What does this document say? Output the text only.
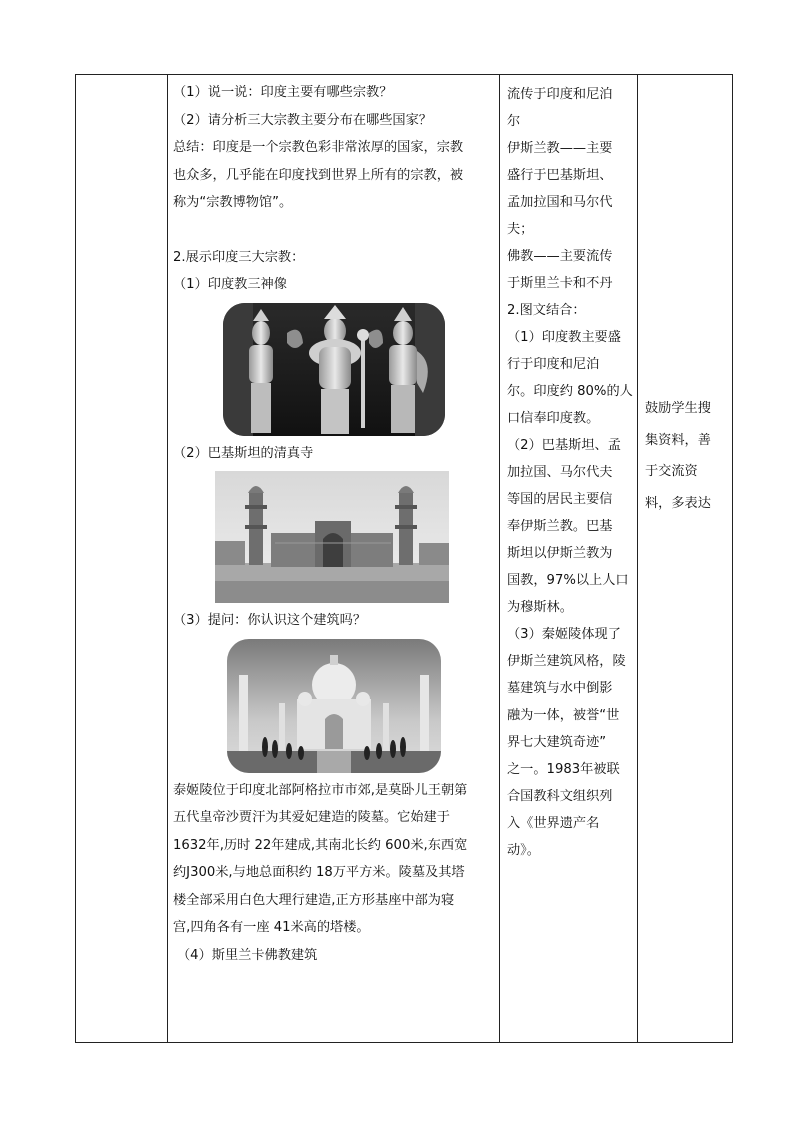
（1）说一说：印度主要有哪些宗教？

（2）请分析三大宗教主要分布在哪些国家？

总结：印度是一个宗教色彩非常浓厚的国家，宗教

也众多，几乎能在印度找到世界上所有的宗教，被

称为“宗教博物馆”。

2.展示印度三大宗教：

（1）印度教三神像

（2）巴基斯坦的清真寺

（3）提问：你认识这个建筑吗？

泰姬陵位于印度北部阿格拉市市郊,是莫卧儿王朝第

五代皇帝沙贾汗为其爱妃建造的陵墓。它始建于

1632年,历时 22年建成,其南北长约 600米,东西宽

约J300米,与地总面积约 18万平方米。陵墓及其塔

楼全部采用白色大理行建造,正方形基座中部为寝

宫,四角各有一座 41米高的塔楼。

（4）斯里兰卡佛教建筑

流传于印度和尼泊

尔

伊斯兰教——主要

盛行于巴基斯坦、

孟加拉国和马尔代

夫；

佛教——主要流传

于斯里兰卡和不丹

2.图文结合：

（1）印度教主要盛

行于印度和尼泊

尔。印度约 80%的人

口信奉印度教。

（2）巴基斯坦、孟

加拉国、马尔代夫

等国的居民主要信

奉伊斯兰教。巴基

斯坦以伊斯兰教为

国教，97%以上人口

为穆斯林。

（3）秦姬陵体现了

伊斯兰建筑风格，陵

墓建筑与水中倒影

融为一体，被誉“世

界七大建筑奇迹”

之一。1983年被联

合国教科文组织列

入《世界遗产名

动》。

鼓励学生搜

集资料，善

于交流资

料，多表达
